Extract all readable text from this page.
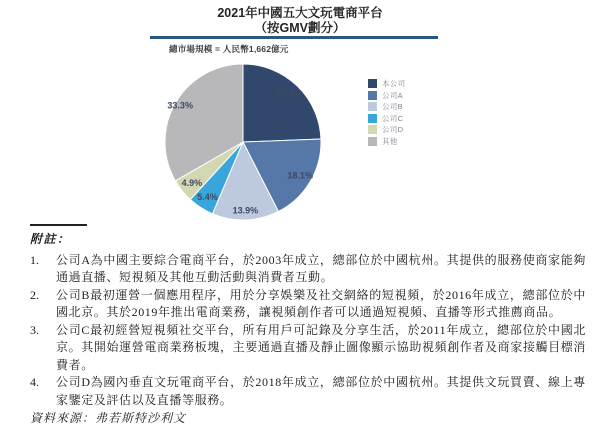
2021年中國五大文玩電商平台
（按GMV劃分）
總市場規模 = 人民幣1,662億元
24.4%
18.1%
13.9%
5.4%
4.9%
33.3%
本公司
公司A
公司B
公司C
公司D
其他
附註：
1.	公司A為中國主要綜合電商平台，於2003年成立，總部位於中國杭州。其提供的服務使商家能夠通過直播、短視頻及其他互動活動與消費者互動。
2.	公司B最初運營一個應用程序，用於分享娛樂及社交網絡的短視頻，於2016年成立，總部位於中國北京。其於2019年推出電商業務，讓視頻創作者可以通過短視頻、直播等形式推薦商品。
3.	公司C最初經營短視頻社交平台，所有用戶可記錄及分享生活，於2011年成立，總部位於中國北京。其開始運營電商業務板塊，主要通過直播及靜止圖像顯示協助視頻創作者及商家接觸目標消費者。
4.	公司D為國內垂直文玩電商平台，於2018年成立，總部位於中國杭州。其提供文玩買賣、線上專家鑒定及評估以及直播等服務。
資料來源：弗若斯特沙利文
